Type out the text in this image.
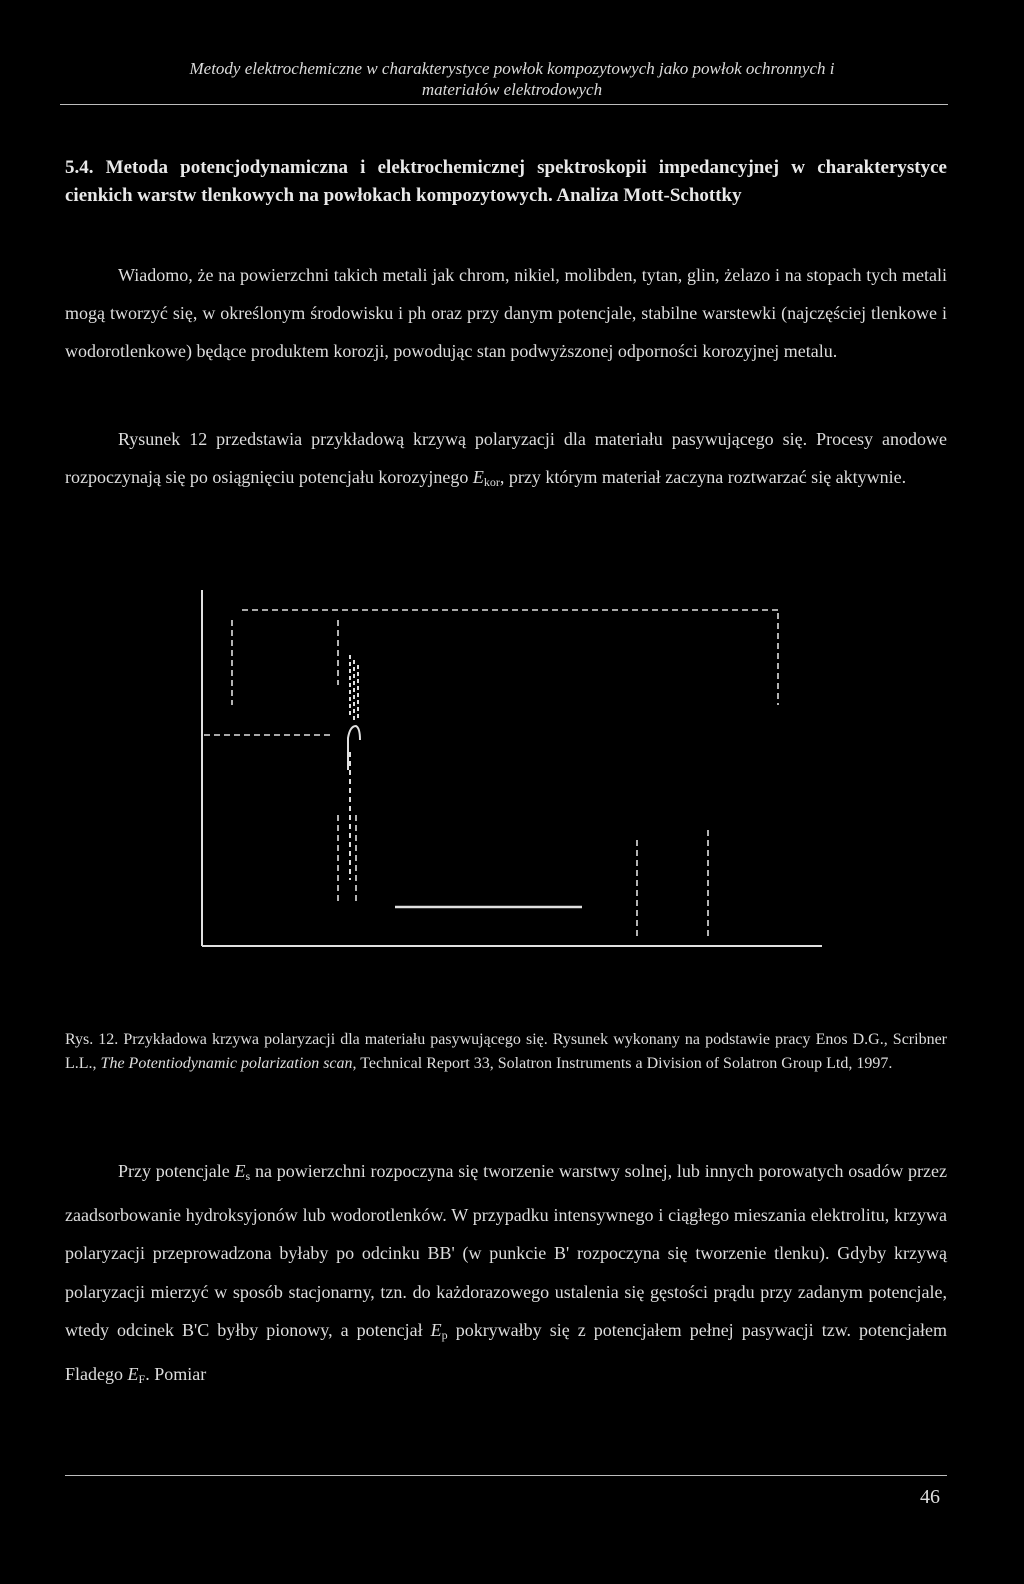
Metody elektrochemiczne w charakterystyce powłok kompozytowych jako powłok ochronnych i
materiałów elektrodowych
5.4. Metoda potencjodynamiczna i elektrochemicznej spektroskopii impedancyjnej w charakterystyce cienkich warstw tlenkowych na powłokach kompozytowych. Analiza Mott-Schottky

Wiadomo, że na powierzchni takich metali jak chrom, nikiel, molibden, tytan, glin, żelazo i na stopach tych metali mogą tworzyć się, w określonym środowisku i ph oraz przy danym potencjale, stabilne warstewki (najczęściej tlenkowe i wodorotlenkowe) będące produktem korozji, powodując stan podwyższonej odporności korozyjnej metalu.

Rysunek 12 przedstawia przykładową krzywą polaryzacji dla materiału pasywującego się. Procesy anodowe rozpoczynają się po osiągnięciu potencjału korozyjnego $E_{kor}$, przy którym materiał zaczyna roztwarzać się aktywnie.

Rys. 12. Przykładowa krzywa polaryzacji dla materiału pasywującego się. Rysunek wykonany na podstawie pracy Enos D.G., Scribner L.L., The Potentiodynamic polarization scan, Technical Report 33, Solatron Instruments a Division of Solatron Group Ltd, 1997.

Przy potencjale $E_s$ na powierzchni rozpoczyna się tworzenie warstwy solnej, lub innych porowatych osadów przez zaadsorbowanie hydroksyjonów lub wodorotlenków. W przypadku intensywnego i ciągłego mieszania elektrolitu, krzywa polaryzacji przeprowadzona byłaby po odcinku BB' (w punkcie B' rozpoczyna się tworzenie tlenku). Gdyby krzywą polaryzacji mierzyć w sposób stacjonarny, tzn. do każdorazowego ustalenia się gęstości prądu przy zadanym potencjale, wtedy odcinek B'C byłby pionowy, a potencjał $E_p$ pokrywałby się z potencjałem pełnej pasywacji tzw. potencjałem Fladego $E_F$. Pomiar

46
